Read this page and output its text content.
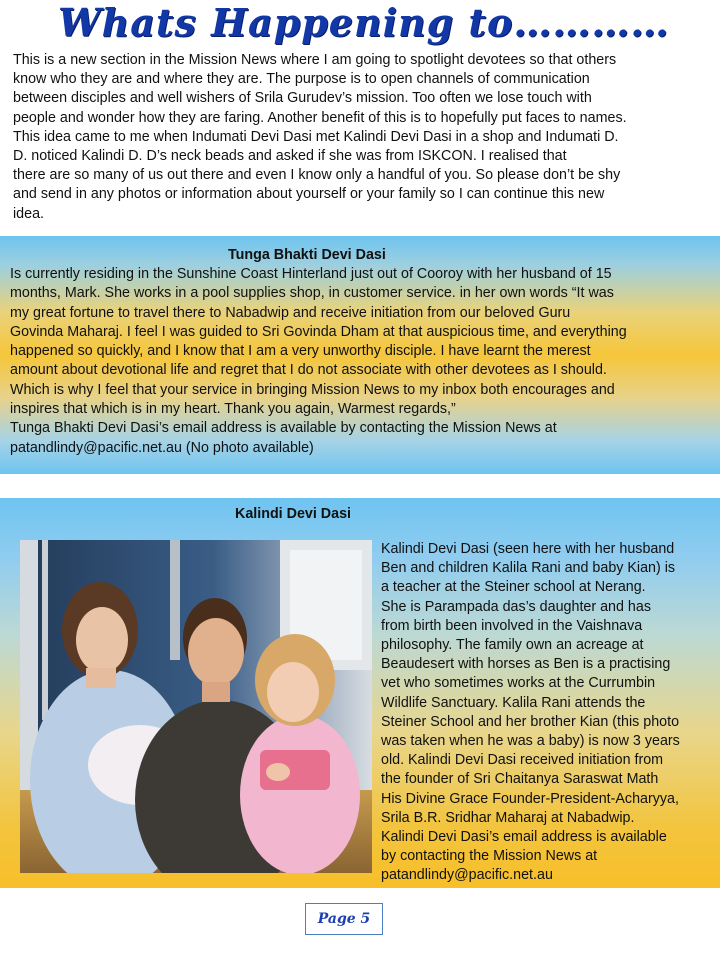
Whats Happening to…………
This is a new section in the Mission News where I am going to spotlight devotees so that others
know who they are and where they are. The purpose is to open channels of communication
between disciples and well wishers of Srila Gurudev’s mission. Too often we lose touch with
people and wonder how they are faring. Another benefit of this is to hopefully put faces to names.
This idea came to me when Indumati Devi Dasi met Kalindi Devi Dasi in a shop and Indumati D.
D. noticed Kalindi D. D’s neck beads and asked if she was from ISKCON. I realised that
there are so many of us out there and even I know only a handful of you. So please don’t be shy
and send in any photos or information about yourself or your family so I can continue this new
idea.
Tunga Bhakti Devi Dasi

Is currently residing in the Sunshine Coast Hinterland just out of Cooroy with her husband of 15

months, Mark. She works in a pool supplies shop, in customer service. in her own words “It was

my great fortune to travel there to Nabadwip and receive initiation from our beloved Guru

Govinda Maharaj. I feel I was guided to Sri Govinda Dham at that auspicious time, and everything

happened so quickly, and I know that I am a very unworthy disciple. I have learnt the merest

amount about devotional life and regret that I do not associate with other devotees as I should.

Which is why I feel that your service in bringing Mission News to my inbox both encourages and

inspires that which is in my heart. Thank you again, Warmest regards,”

Tunga Bhakti Devi Dasi’s email address is available by contacting the Mission News at

patandlindy@pacific.net.au (No photo available)

Kalindi Devi Dasi

Kalindi Devi Dasi (seen here with her husband

Ben and children Kalila Rani and baby Kian) is

a teacher at the Steiner school at Nerang.

She is Parampada das’s daughter and has

from birth been involved in the Vaishnava

philosophy. The family own an acreage at

Beaudesert with horses as Ben is a practising

vet who sometimes works at the Currumbin

Wildlife Sanctuary. Kalila Rani attends the

Steiner School and her brother Kian (this photo

was taken when he was a baby) is now 3 years

old. Kalindi Devi Dasi received initiation from

the founder of Sri Chaitanya Saraswat Math

His Divine Grace Founder-President-Acharyya,

Srila B.R. Sridhar Maharaj at Nabadwip.

Kalindi Devi Dasi’s email address is available

by contacting the Mission News at

patandlindy@pacific.net.au

Page 5
